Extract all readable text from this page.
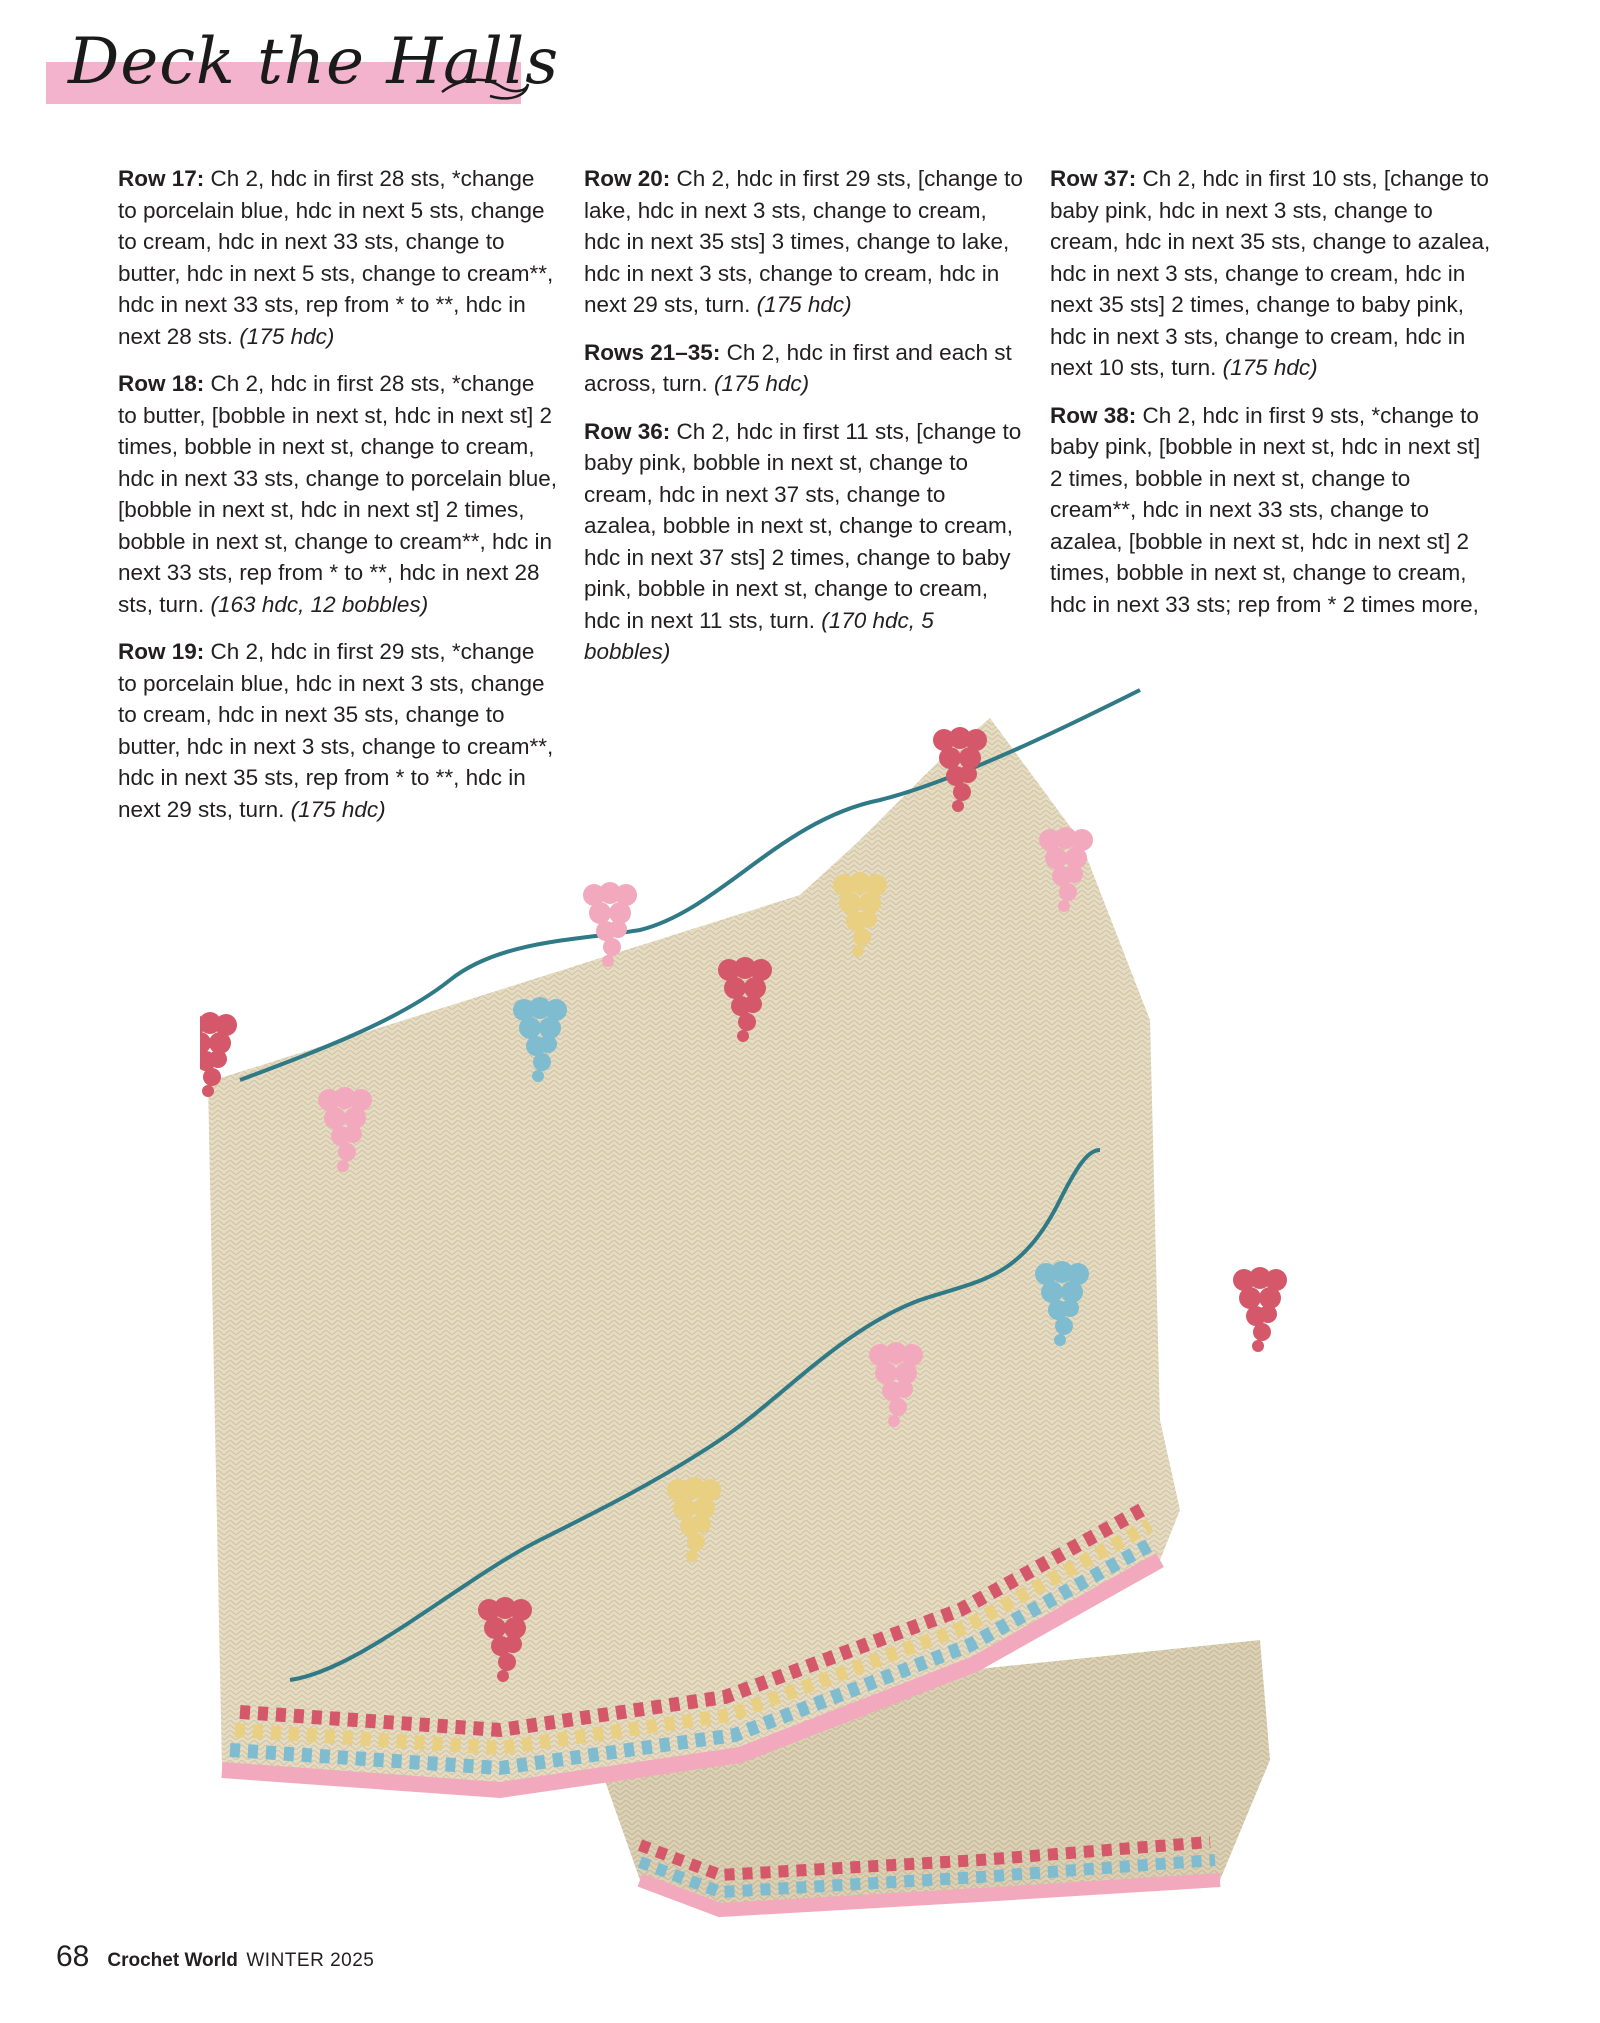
Deck the Halls

Row 17: Ch 2, hdc in first 28 sts, *change to porcelain blue, hdc in next 5 sts, change to cream, hdc in next 33 sts, change to butter, hdc in next 5 sts, change to cream**, hdc in next 33 sts, rep from * to **, hdc in next 28 sts. (175 hdc)

Row 18: Ch 2, hdc in first 28 sts, *change to butter, [bobble in next st, hdc in next st] 2 times, bobble in next st, change to cream, hdc in next 33 sts, change to porcelain blue, [bobble in next st, hdc in next st] 2 times, bobble in next st, change to cream**, hdc in next 33 sts, rep from * to **, hdc in next 28 sts, turn. (163 hdc, 12 bobbles)

Row 19: Ch 2, hdc in first 29 sts, *change to porcelain blue, hdc in next 3 sts, change to cream, hdc in next 35 sts, change to butter, hdc in next 3 sts, change to cream**, hdc in next 35 sts, rep from * to **, hdc in next 29 sts, turn. (175 hdc)

Row 20: Ch 2, hdc in first 29 sts, [change to lake, hdc in next 3 sts, change to cream, hdc in next 35 sts] 3 times, change to lake, hdc in next 3 sts, change to cream, hdc in next 29 sts, turn. (175 hdc)

Rows 21–35: Ch 2, hdc in first and each st across, turn. (175 hdc)

Row 36: Ch 2, hdc in first 11 sts, [change to baby pink, bobble in next st, change to cream, hdc in next 37 sts, change to azalea, bobble in next st, change to cream, hdc in next 37 sts] 2 times, change to baby pink, bobble in next st, change to cream, hdc in next 11 sts, turn. (170 hdc, 5 bobbles)

Row 37: Ch 2, hdc in first 10 sts, [change to baby pink, hdc in next 3 sts, change to cream, hdc in next 35 sts, change to azalea, hdc in next 3 sts, change to cream, hdc in next 35 sts] 2 times, change to baby pink, hdc in next 3 sts, change to cream, hdc in next 10 sts, turn. (175 hdc)

Row 38: Ch 2, hdc in first 9 sts, *change to baby pink, [bobble in next st, hdc in next st] 2 times, bobble in next st, change to cream**, hdc in next 33 sts, change to azalea, [bobble in next st, hdc in next st] 2 times, bobble in next st, change to cream, hdc in next 33 sts; rep from * 2 times more,

68 Crochet World WINTER 2025
